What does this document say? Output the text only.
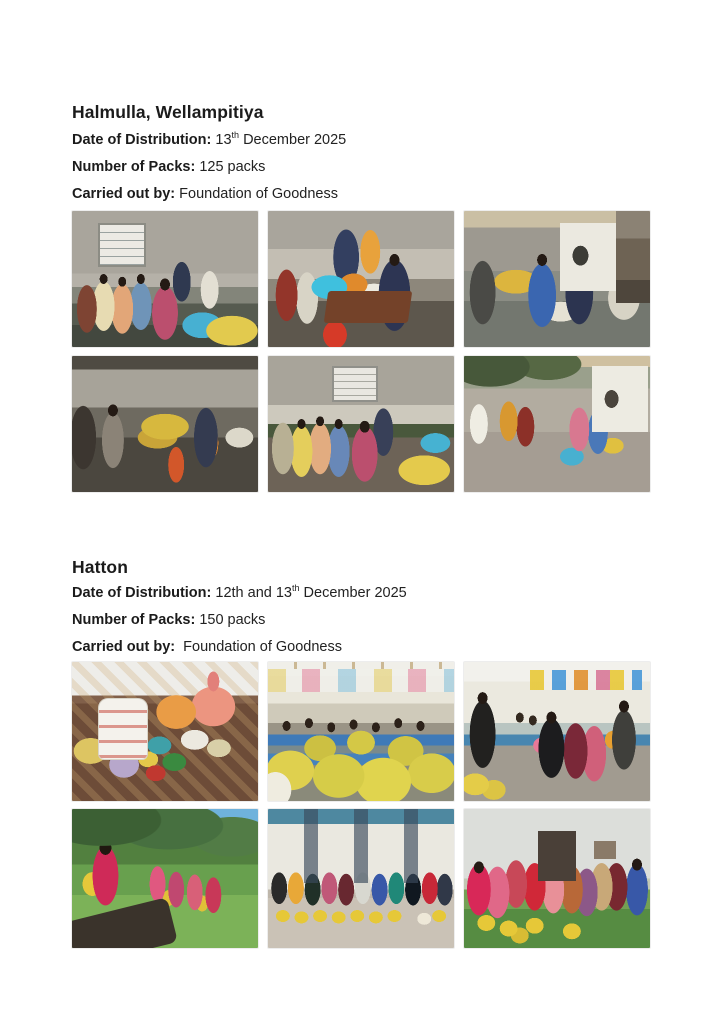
Halmulla, Wellampitiya

Date of Distribution: 13th December 2025

Number of Packs: 125 packs

Carried out by: Foundation of Goodness

Hatton

Date of Distribution: 12th and 13th December 2025

Number of Packs: 150 packs

Carried out by:  Foundation of Goodness
